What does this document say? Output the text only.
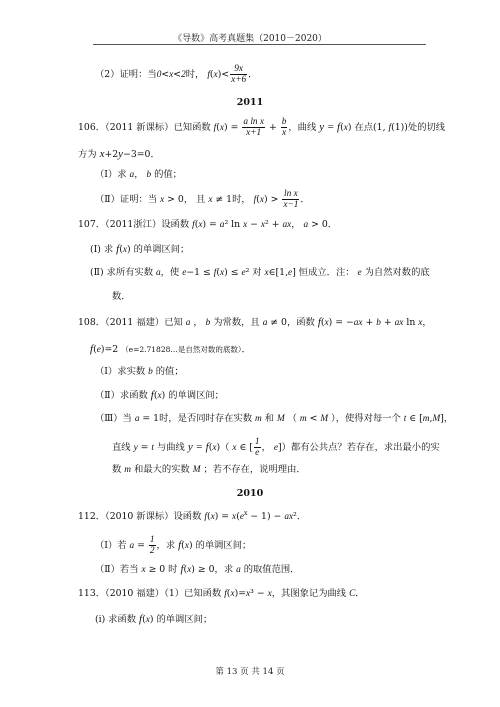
《导数》高考真题集（2010－2020）
（2）证明：当0<x<2时， $f(x)< \frac{9x}{x+6}$ ．
2011
106．（2011 新课标）已知函数 $f(x) = \frac{\text{a ln x}}{x+1} + \frac{b}{x}$ ，曲线 y = f(x) 在点(1, f(1))处的切线
方为 x+2y−3=0．
（Ⅰ）求 a， b 的值；
（Ⅱ）证明：当 x > 0， 且 x ≠ 1时， $f(x) > \frac{\text{ln x}}{x-1}$ ．
107．（2011浙江）设函数 f(x) = a² ln x − x² + ax， a > 0．
(Ⅰ) 求 f(x) 的单调区间；
(Ⅱ) 求所有实数 a，使 e−1 ≤ f(x) ≤ e² 对 x∈[1,e] 恒成立．注： e 为自然对数的底
数．
108．（2011 福建）已知 a ， b 为常数，且 a ≠ 0，函数 f(x) = −ax + b + ax ln x，
f(e)=2 （e=2.71828…是自然对数的底数）．
（Ⅰ）求实数 b 的值；
（Ⅱ）求函数 f(x) 的单调区间；
（Ⅲ）当 a = 1时，是否同时存在实数 m 和 M （ m < M ），使得对每一个 t ∈ [m,M]，
直线 y = t 与曲线 y = f(x)（ x ∈ [ $\frac{1}{e}$ ， e]）都有公共点？若存在，求出最小的实
数 m 和最大的实数 M ；若不存在，说明理由．
2010
112．（2010 新课标）设函数 $f(x) = x(e^x - 1) - ax^2$．
（Ⅰ）若 $a = \frac{1}{2}$ ，求 f(x) 的单调区间；
（Ⅱ）若当 x ≥ 0 时 f(x) ≥ 0，求 a 的取值范围．
113．（2010 福建）（1）已知函数 f(x)=x³ − x，其图象记为曲线 C．
(i) 求函数 f(x) 的单调区间；
第 13 页 共 14 页
